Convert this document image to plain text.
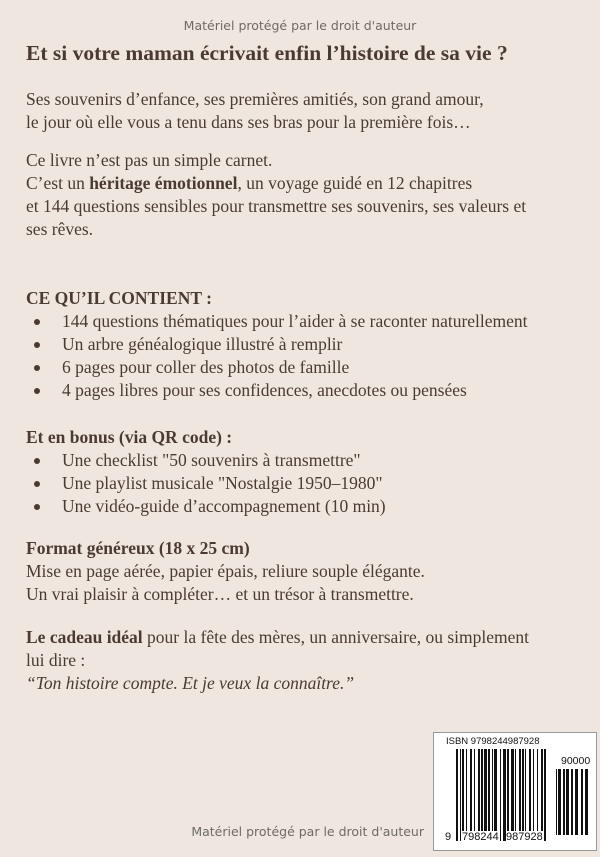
Matériel protégé par le droit d'auteur
Et si votre maman écrivait enfin l’histoire de sa vie ?
Ses souvenirs d’enfance, ses premières amitiés, son grand amour,
le jour où elle vous a tenu dans ses bras pour la première fois…
Ce livre n’est pas un simple carnet.
C’est un héritage émotionnel, un voyage guidé en 12 chapitres
et 144 questions sensibles pour transmettre ses souvenirs, ses valeurs et
ses rêves.
CE QU’IL CONTIENT :
144 questions thématiques pour l’aider à se raconter naturellement
Un arbre généalogique illustré à remplir
6 pages pour coller des photos de famille
4 pages libres pour ses confidences, anecdotes ou pensées
Et en bonus (via QR code) :
Une checklist "50 souvenirs à transmettre"
Une playlist musicale "Nostalgie 1950–1980"
Une vidéo-guide d’accompagnement (10 min)
Format généreux (18 x 25 cm)
Mise en page aérée, papier épais, reliure souple élégante.
Un vrai plaisir à compléter… et un trésor à transmettre.
Le cadeau idéal pour la fête des mères, un anniversaire, ou simplement
lui dire :
“Ton histoire compte. Et je veux la connaître.”
ISBN 9798244987928
90000
9 798244 987928
Matériel protégé par le droit d'auteur
